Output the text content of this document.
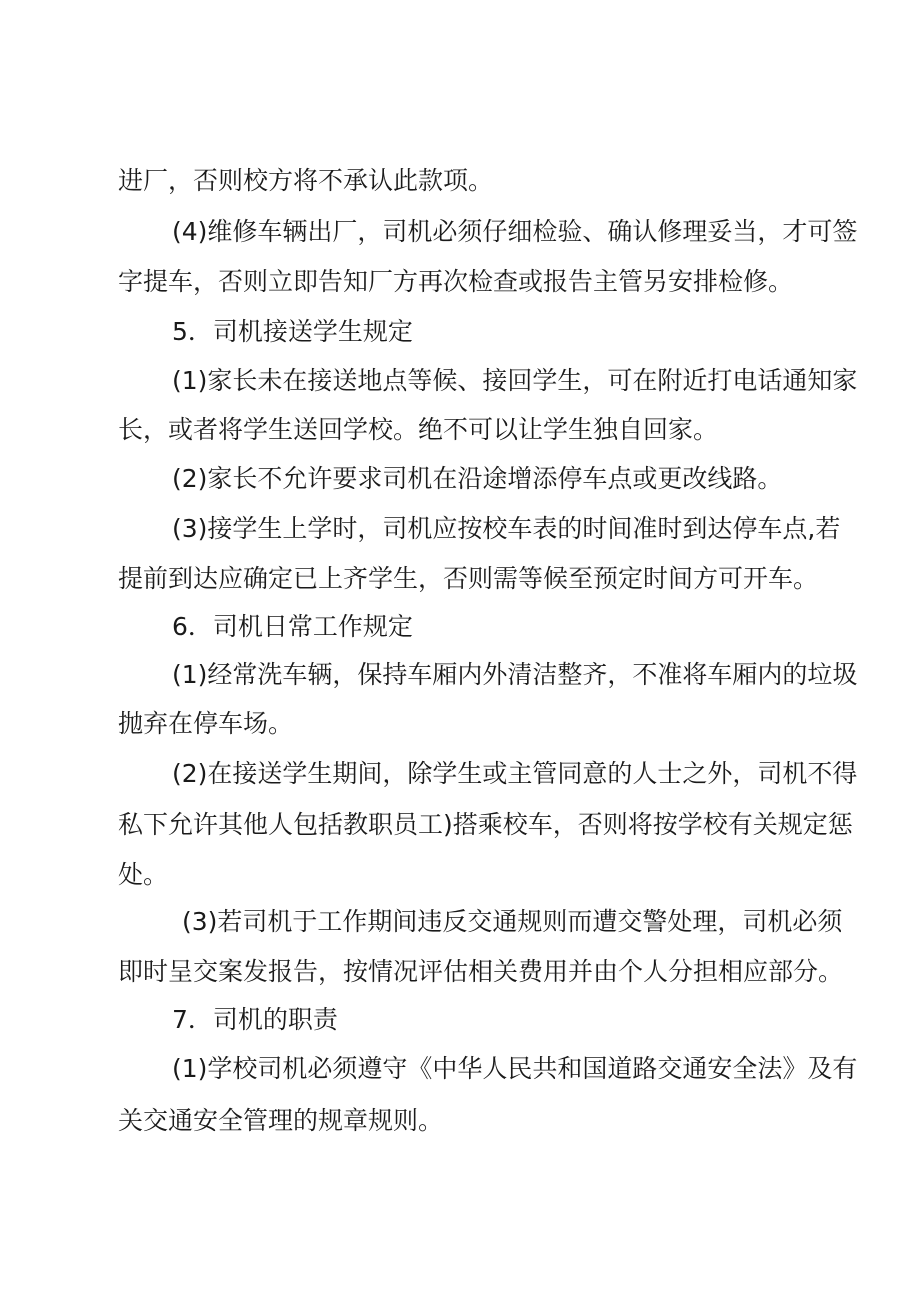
进厂，否则校方将不承认此款项。
(4)维修车辆出厂，司机必须仔细检验、确认修理妥当，才可签
字提车，否则立即告知厂方再次检查或报告主管另安排检修。
5．司机接送学生规定
(1)家长未在接送地点等候、接回学生，可在附近打电话通知家
长，或者将学生送回学校。绝不可以让学生独自回家。
(2)家长不允许要求司机在沿途增添停车点或更改线路。
(3)接学生上学时，司机应按校车表的时间准时到达停车点,若
提前到达应确定已上齐学生，否则需等候至预定时间方可开车。
6．司机日常工作规定
(1)经常洗车辆，保持车厢内外清洁整齐，不准将车厢内的垃圾
抛弃在停车场。
(2)在接送学生期间，除学生或主管同意的人士之外，司机不得
私下允许其他人包括教职员工)搭乘校车，否则将按学校有关规定惩
处。
(3)若司机于工作期间违反交通规则而遭交警处理，司机必须
即时呈交案发报告，按情况评估相关费用并由个人分担相应部分。
7．司机的职责
(1)学校司机必须遵守《中华人民共和国道路交通安全法》及有
关交通安全管理的规章规则。
